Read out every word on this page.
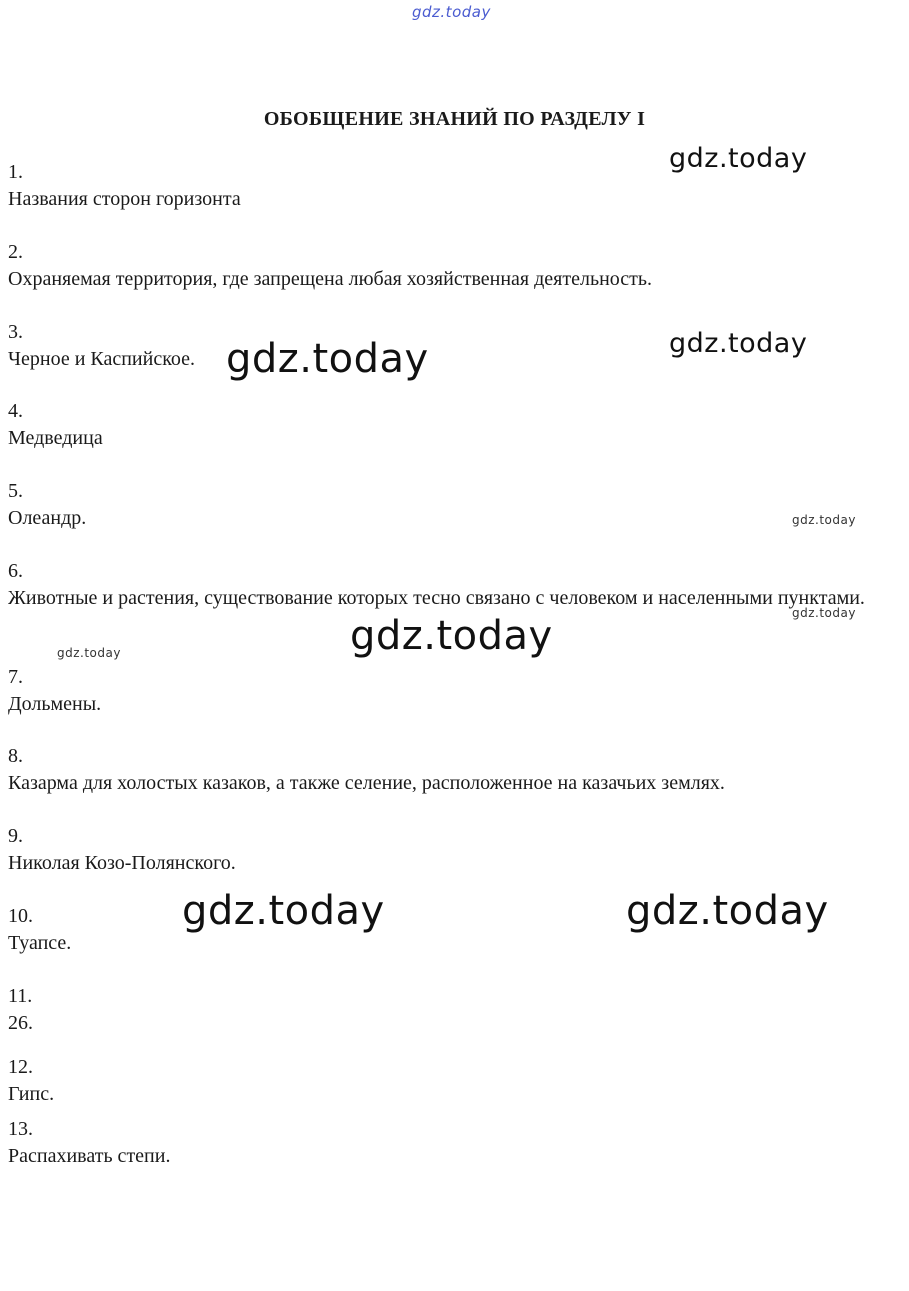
gdz.today
gdz.today
gdz.today
gdz.today
gdz.today
gdz.today
gdz.today
gdz.today
gdz.today	gdz.today
ОБОБЩЕНИЕ ЗНАНИЙ ПО РАЗДЕЛУ I
1.
Названия сторон горизонта
2.
Охраняемая территория, где запрещена любая хозяйственная деятельность.
3.
Черное и Каспийское.
4.
Медведица
5.
Олеандр.
6.
Животные и растения, существование которых тесно связано с человеком и населенными пунктами.
7.
Дольмены.
8.
Казарма для холостых казаков, а также селение, расположенное на казачьих землях.
9.
Николая Козо-Полянского.
10.
Туапсе.
11.
26.
12.
Гипс.
13.
Распахивать степи.
